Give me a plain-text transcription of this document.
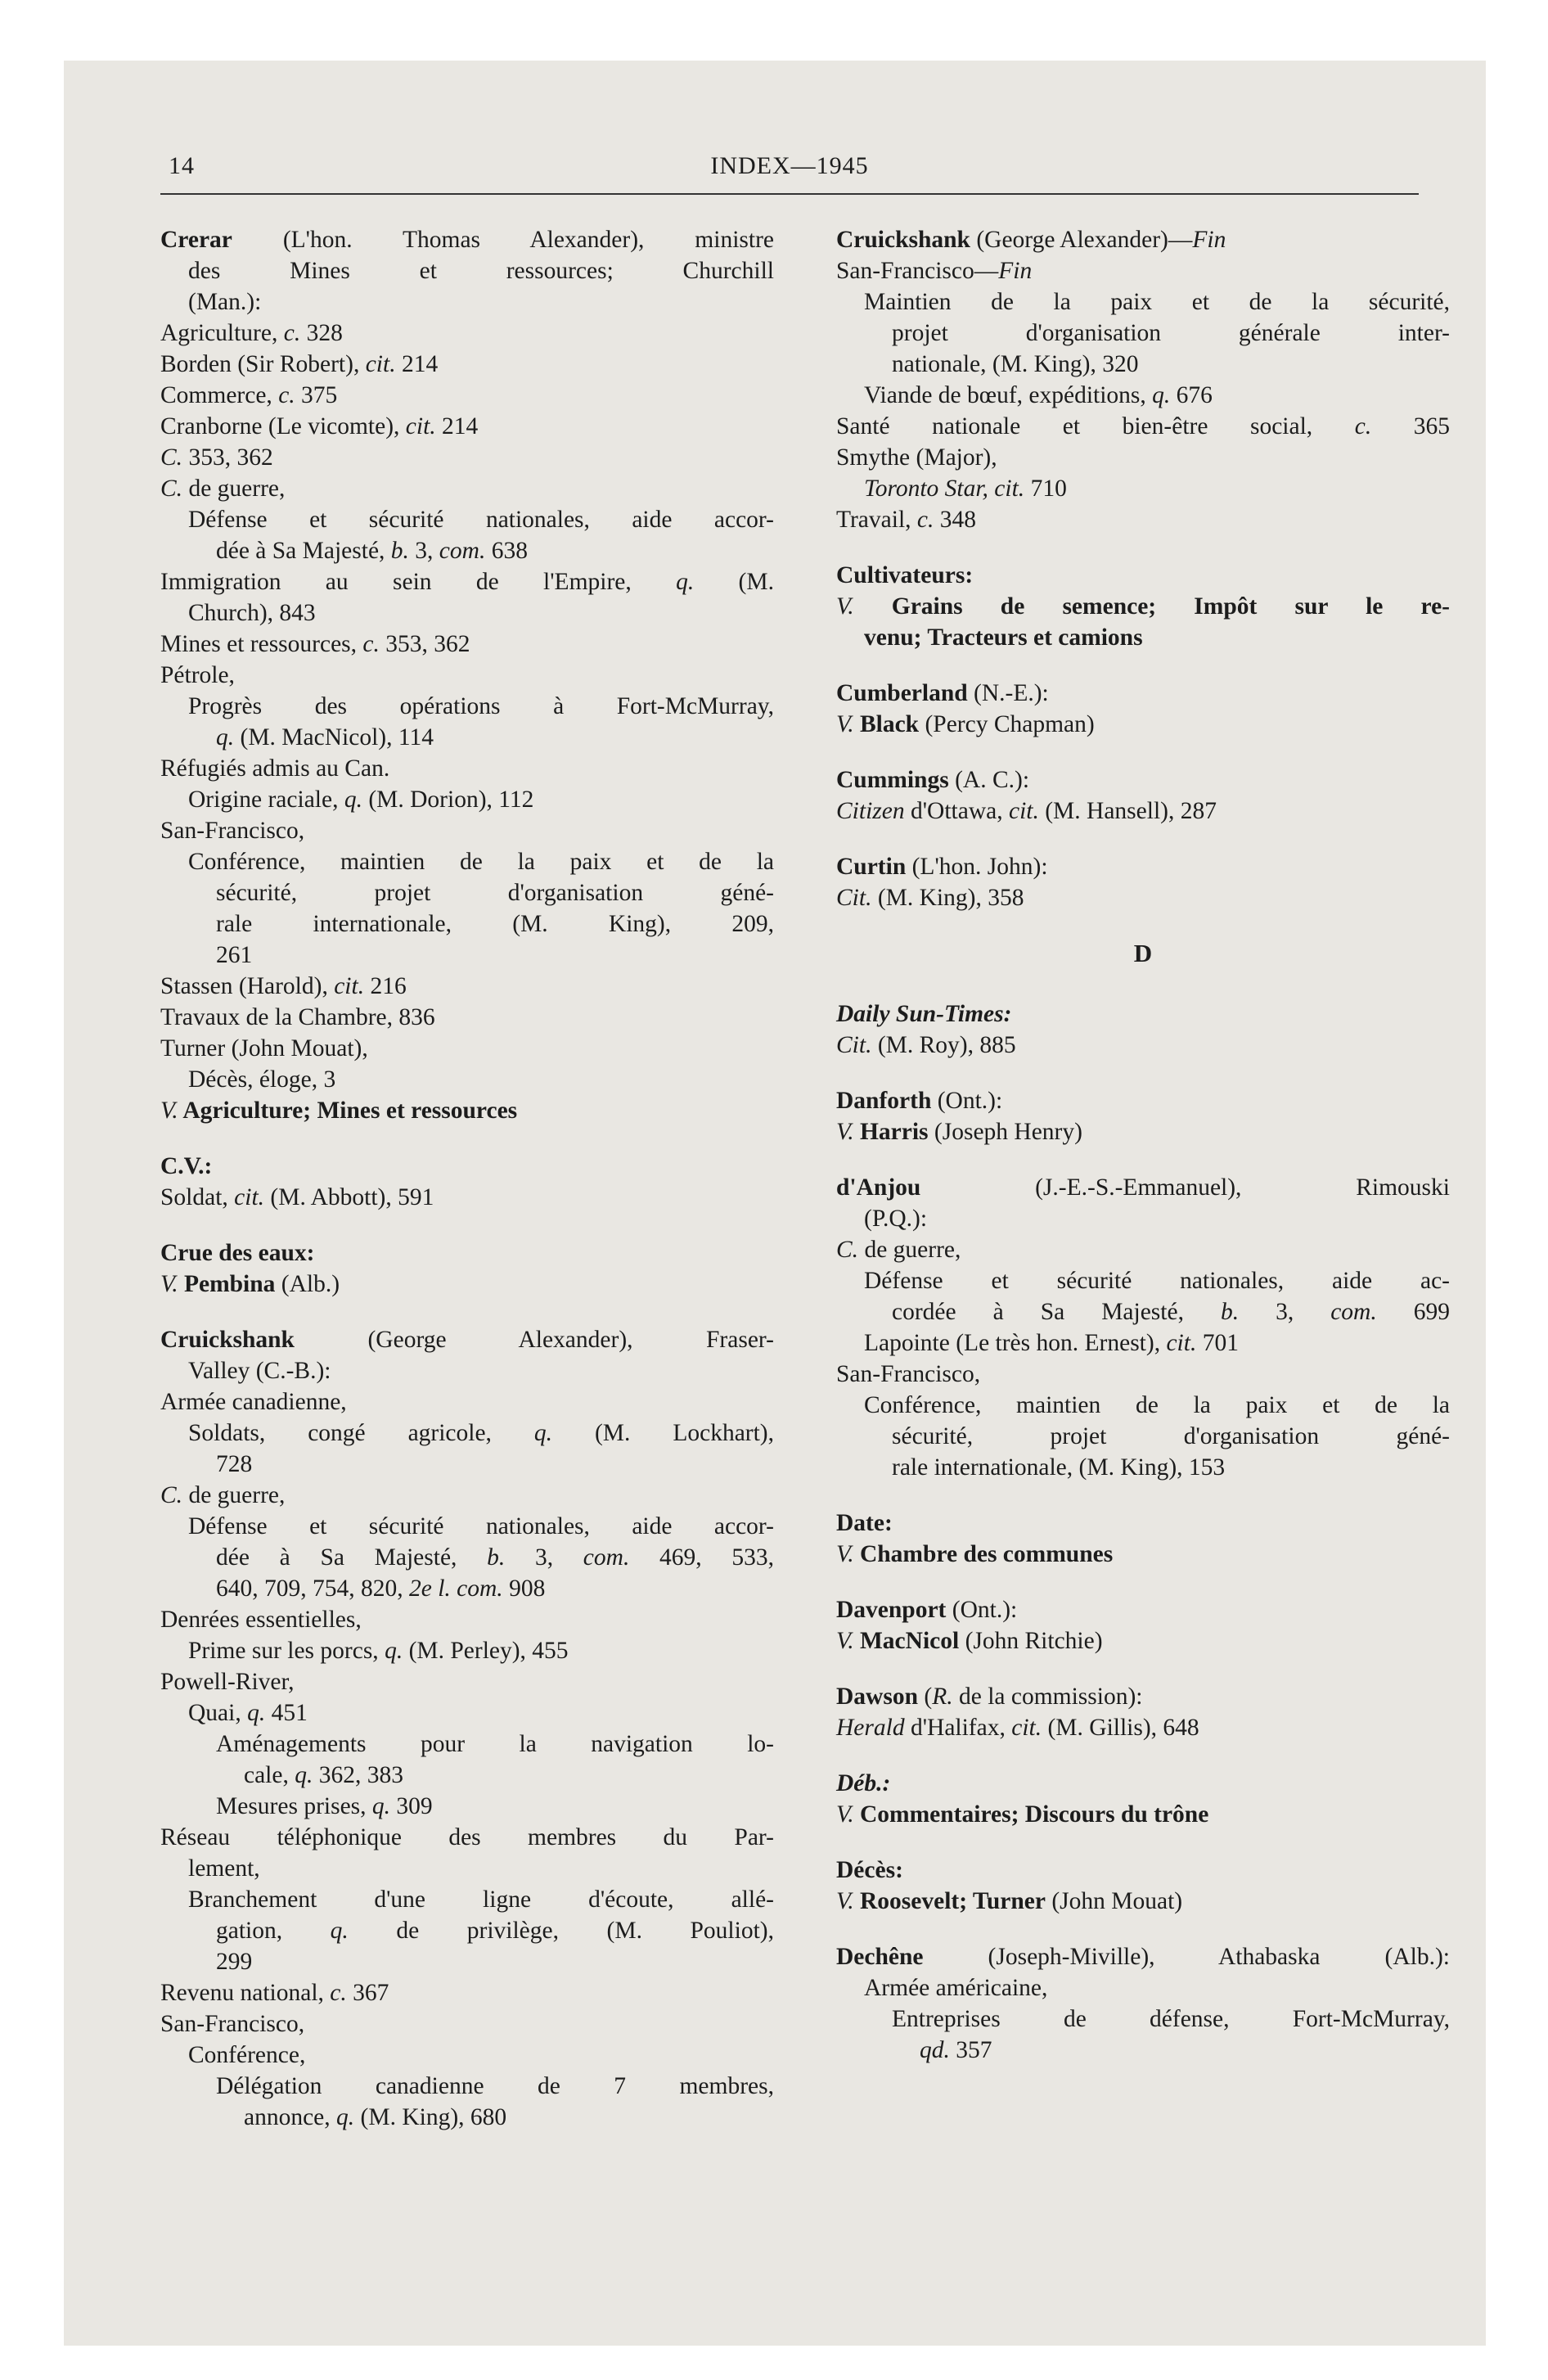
14	INDEX—1945
Crerar (L'hon. Thomas Alexander), ministre
des Mines et ressources; Churchill
(Man.):
Agriculture, c. 328
Borden (Sir Robert), cit. 214
Commerce, c. 375
Cranborne (Le vicomte), cit. 214
C. 353, 362
C. de guerre,
Défense et sécurité nationales, aide accor-
dée à Sa Majesté, b. 3, com. 638
Immigration au sein de l'Empire, q. (M.
Church), 843
Mines et ressources, c. 353, 362
Pétrole,
Progrès des opérations à Fort-McMurray,
q. (M. MacNicol), 114
Réfugiés admis au Can.
Origine raciale, q. (M. Dorion), 112
San-Francisco,
Conférence, maintien de la paix et de la
sécurité, projet d'organisation géné-
rale internationale, (M. King), 209,
261
Stassen (Harold), cit. 216
Travaux de la Chambre, 836
Turner (John Mouat),
Décès, éloge, 3
V. Agriculture; Mines et ressources
C.V.:
Soldat, cit. (M. Abbott), 591
Crue des eaux:
V. Pembina (Alb.)
Cruickshank (George Alexander), Fraser-
Valley (C.-B.):
Armée canadienne,
Soldats, congé agricole, q. (M. Lockhart),
728
C. de guerre,
Défense et sécurité nationales, aide accor-
dée à Sa Majesté, b. 3, com. 469, 533,
640, 709, 754, 820, 2e l. com. 908
Denrées essentielles,
Prime sur les porcs, q. (M. Perley), 455
Powell-River,
Quai, q. 451
Aménagements pour la navigation lo-
cale, q. 362, 383
Mesures prises, q. 309
Réseau téléphonique des membres du Par-
lement,
Branchement d'une ligne d'écoute, allé-
gation, q. de privilège, (M. Pouliot),
299
Revenu national, c. 367
San-Francisco,
Conférence,
Délégation canadienne de 7 membres,
annonce, q. (M. King), 680
Cruickshank (George Alexander)—Fin
San-Francisco—Fin
Maintien de la paix et de la sécurité,
projet d'organisation générale inter-
nationale, (M. King), 320
Viande de bœuf, expéditions, q. 676
Santé nationale et bien-être social, c. 365
Smythe (Major),
Toronto Star, cit. 710
Travail, c. 348
Cultivateurs:
V. Grains de semence; Impôt sur le re-
venu; Tracteurs et camions
Cumberland (N.-E.):
V. Black (Percy Chapman)
Cummings (A. C.):
Citizen d'Ottawa, cit. (M. Hansell), 287
Curtin (L'hon. John):
Cit. (M. King), 358
D
Daily Sun-Times:
Cit. (M. Roy), 885
Danforth (Ont.):
V. Harris (Joseph Henry)
d'Anjou (J.-E.-S.-Emmanuel), Rimouski
(P.Q.):
C. de guerre,
Défense et sécurité nationales, aide ac-
cordée à Sa Majesté, b. 3, com. 699
Lapointe (Le très hon. Ernest), cit. 701
San-Francisco,
Conférence, maintien de la paix et de la
sécurité, projet d'organisation géné-
rale internationale, (M. King), 153
Date:
V. Chambre des communes
Davenport (Ont.):
V. MacNicol (John Ritchie)
Dawson (R. de la commission):
Herald d'Halifax, cit. (M. Gillis), 648
Déb.:
V. Commentaires; Discours du trône
Décès:
V. Roosevelt; Turner (John Mouat)
Dechêne (Joseph-Miville), Athabaska (Alb.):
Armée américaine,
Entreprises de défense, Fort-McMurray,
qd. 357
